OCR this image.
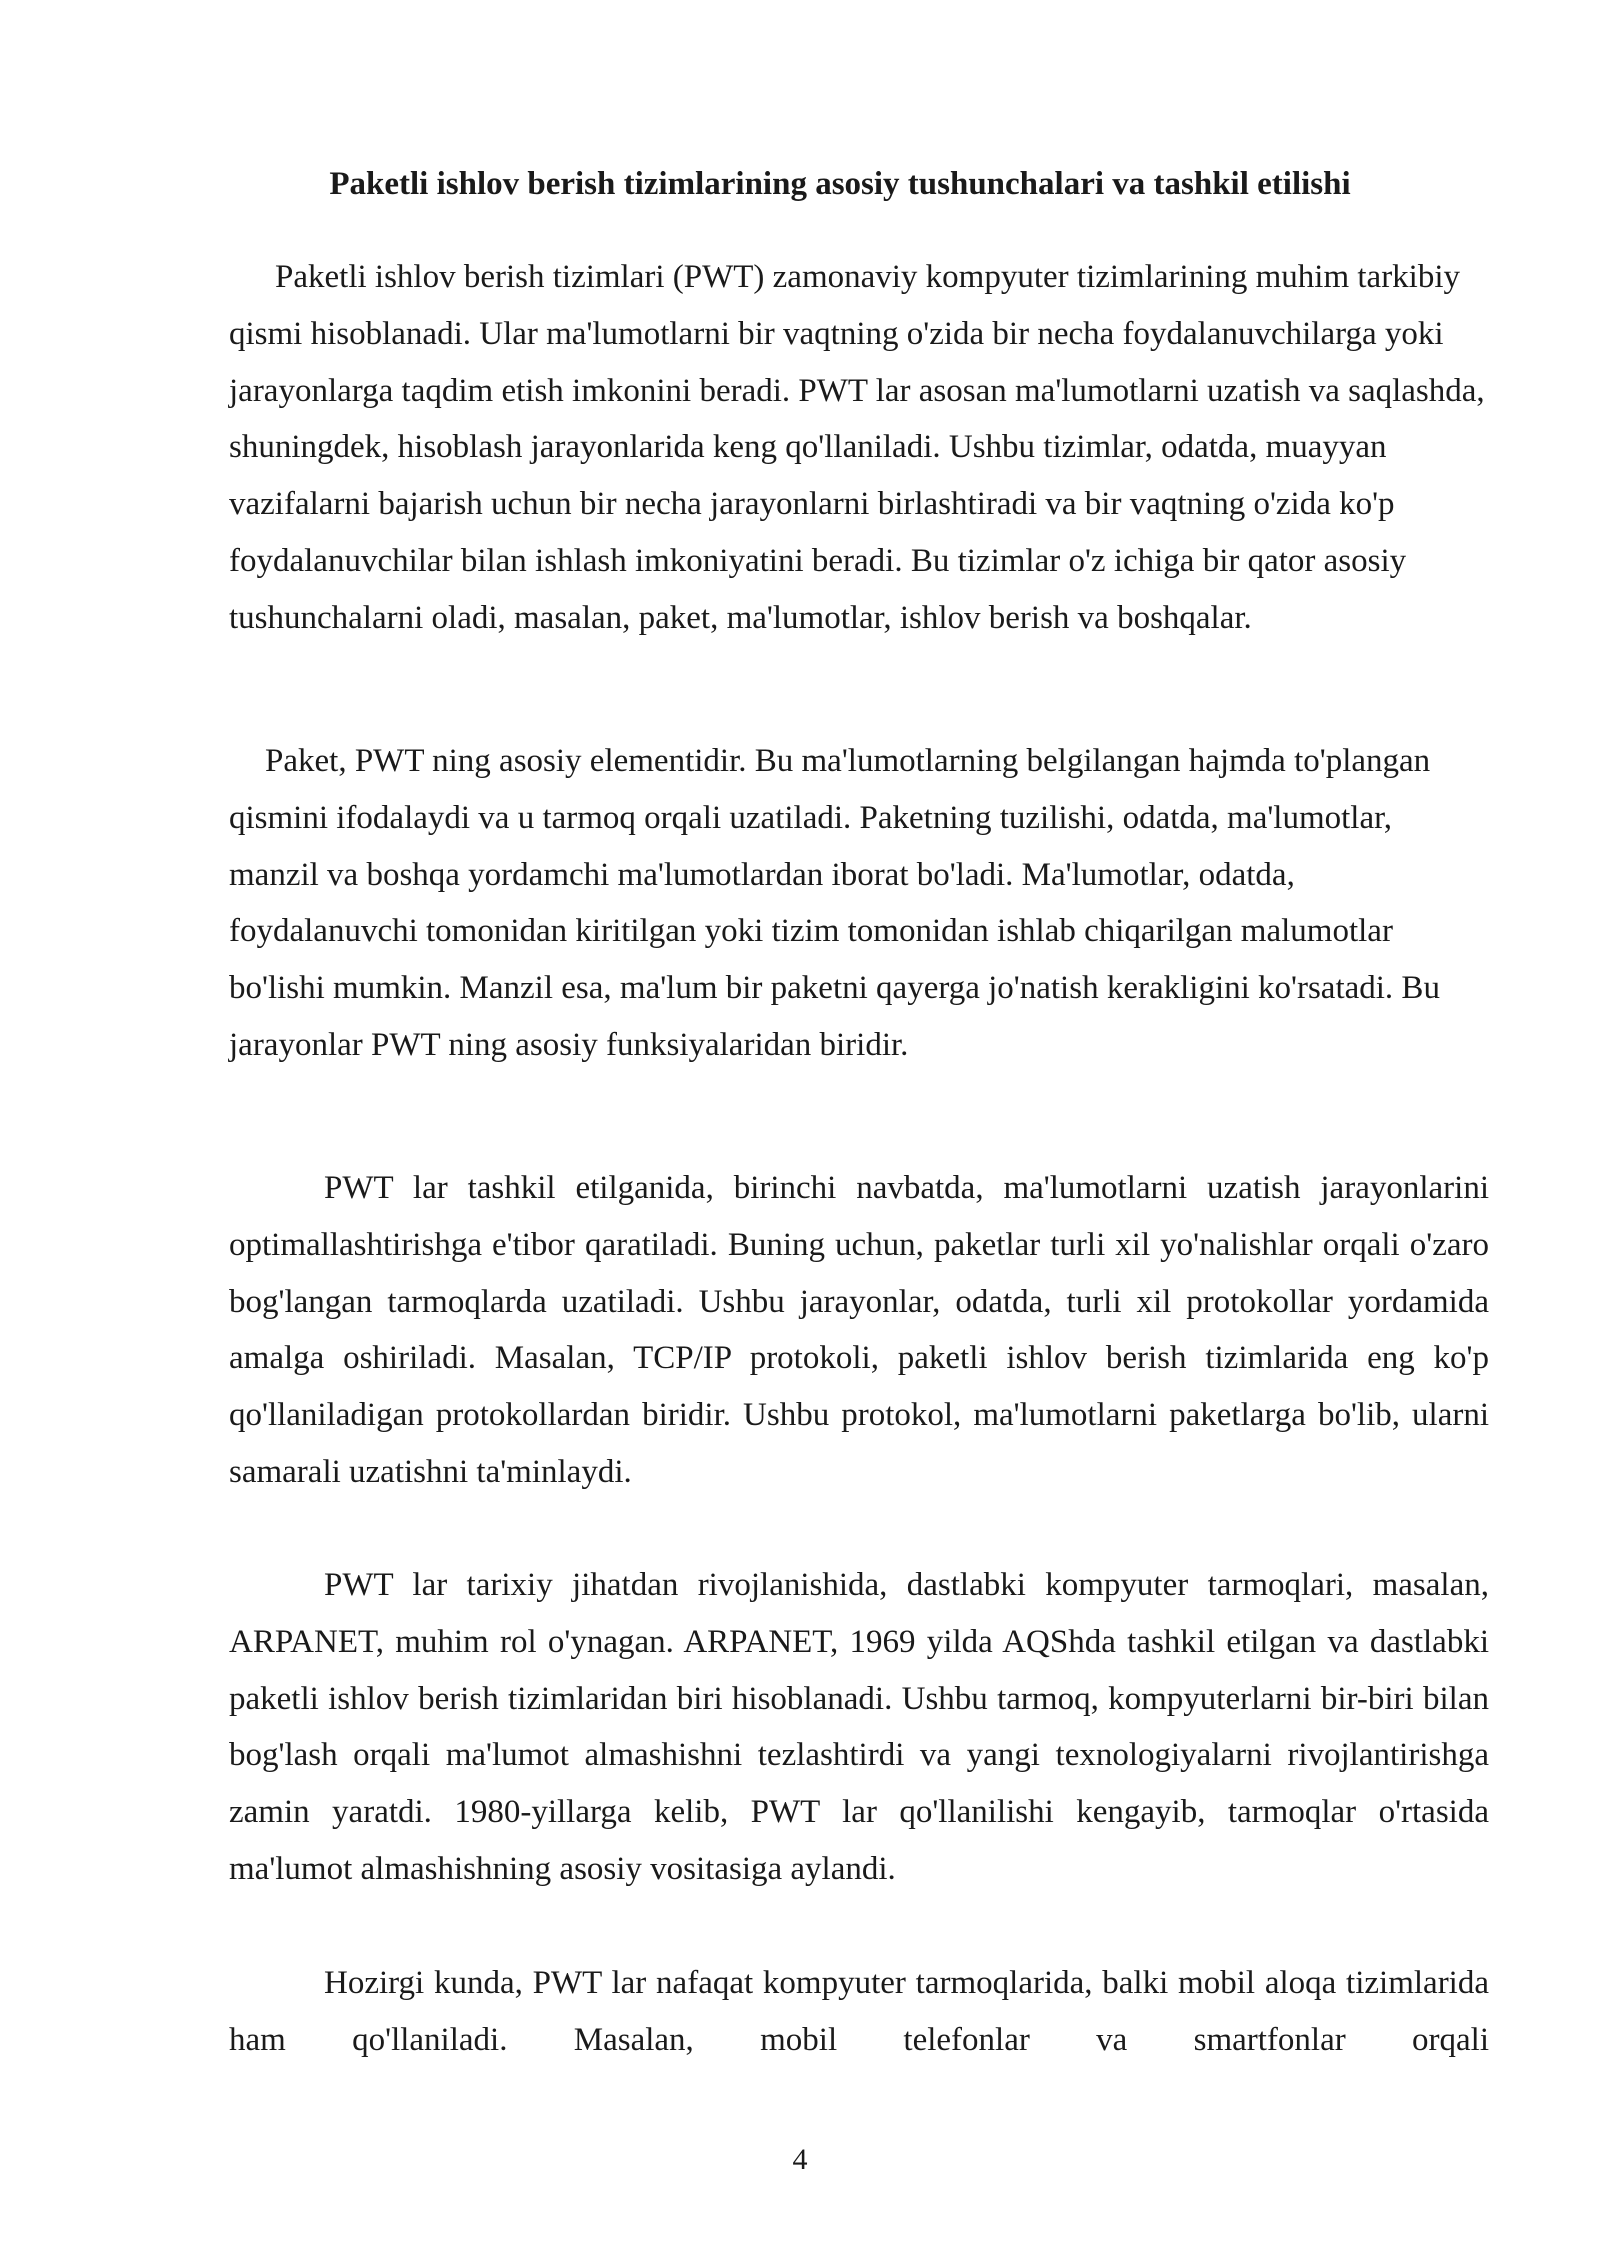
Paketli ishlov berish tizimlarining asosiy tushunchalari va tashkil etilishi

Paketli ishlov berish tizimlari (PWT) zamonaviy kompyuter tizimlarining muhim tarkibiy qismi hisoblanadi. Ular ma'lumotlarni bir vaqtning o'zida bir necha foydalanuvchilarga yoki jarayonlarga taqdim etish imkonini beradi. PWT lar asosan ma'lumotlarni uzatish va saqlashda, shuningdek, hisoblash jarayonlarida keng qo'llaniladi. Ushbu tizimlar, odatda, muayyan vazifalarni bajarish uchun bir necha jarayonlarni birlashtiradi va bir vaqtning o'zida ko'p foydalanuvchilar bilan ishlash imkoniyatini beradi. Bu tizimlar o'z ichiga bir qator asosiy tushunchalarni oladi, masalan, paket, ma'lumotlar, ishlov berish va boshqalar.

Paket, PWT ning asosiy elementidir. Bu ma'lumotlarning belgilangan hajmda to'plangan qismini ifodalaydi va u tarmoq orqali uzatiladi. Paketning tuzilishi, odatda, ma'lumotlar, manzil va boshqa yordamchi ma'lumotlardan iborat bo'ladi. Ma'lumotlar, odatda, foydalanuvchi tomonidan kiritilgan yoki tizim tomonidan ishlab chiqarilgan malumotlar bo'lishi mumkin. Manzil esa, ma'lum bir paketni qayerga jo'natish kerakligini ko'rsatadi. Bu jarayonlar PWT ning asosiy funksiyalaridan biridir.

PWT lar tashkil etilganida, birinchi navbatda, ma'lumotlarni uzatish jarayonlarini optimallashtirishga e'tibor qaratiladi. Buning uchun, paketlar turli xil yo'nalishlar orqali o'zaro bog'langan tarmoqlarda uzatiladi. Ushbu jarayonlar, odatda, turli xil protokollar yordamida amalga oshiriladi. Masalan, TCP/IP protokoli, paketli ishlov berish tizimlarida eng ko'p qo'llaniladigan protokollardan biridir. Ushbu protokol, ma'lumotlarni paketlarga bo'lib, ularni samarali uzatishni ta'minlaydi.

PWT lar tarixiy jihatdan rivojlanishida, dastlabki kompyuter tarmoqlari, masalan, ARPANET, muhim rol o'ynagan. ARPANET, 1969 yilda AQShda tashkil etilgan va dastlabki paketli ishlov berish tizimlaridan biri hisoblanadi. Ushbu tarmoq, kompyuterlarni bir-biri bilan bog'lash orqali ma'lumot almashishni tezlashtirdi va yangi texnologiyalarni rivojlantirishga zamin yaratdi. 1980-yillarga kelib, PWT lar qo'llanilishi kengayib, tarmoqlar o'rtasida ma'lumot almashishning asosiy vositasiga aylandi.

Hozirgi kunda, PWT lar nafaqat kompyuter tarmoqlarida, balki mobil aloqa tizimlarida ham qo'llaniladi. Masalan, mobil telefonlar va smartfonlar orqali

4
